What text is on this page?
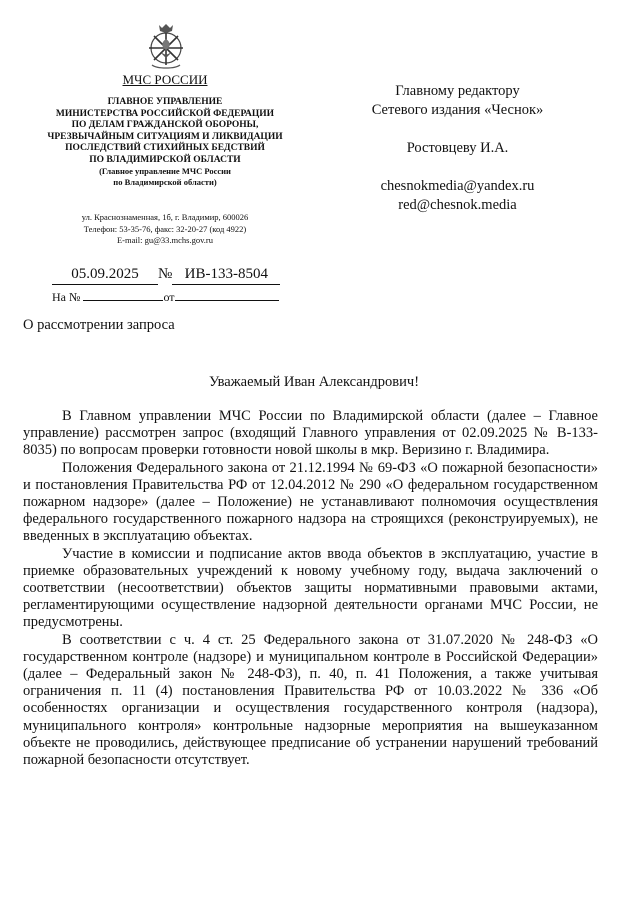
МЧС РОССИИ
ГЛАВНОЕ УПРАВЛЕНИЕ
МИНИСТЕРСТВА РОССИЙСКОЙ ФЕДЕРАЦИИ
ПО ДЕЛАМ ГРАЖДАНСКОЙ ОБОРОНЫ,
ЧРЕЗВЫЧАЙНЫМ СИТУАЦИЯМ И ЛИКВИДАЦИИ
ПОСЛЕДСТВИЙ СТИХИЙНЫХ БЕДСТВИЙ
ПО ВЛАДИМИРСКОЙ ОБЛАСТИ
(Главное управление МЧС России
по Владимирской области)
ул. Краснознаменная, 1б, г. Владимир, 600026
Телефон: 53-35-76, факс: 32-20-27 (код 4922)
E-mail: gu@33.mchs.gov.ru
05.09.2025 № ИВ-133-8504
На №	от
Главному редактору
Сетевого издания «Чеснок»
Ростовцеву И.А.
chesnokmedia@yandex.ru
red@chesnok.media
О рассмотрении запроса
Уважаемый Иван Александрович!

В Главном управлении МЧС России по Владимирской области (далее – Главное управление) рассмотрен запрос (входящий Главного управления от 02.09.2025 № В-133-8035) по вопросам проверки готовности новой школы в мкр. Веризино г. Владимира.

Положения Федерального закона от 21.12.1994 № 69-ФЗ «О пожарной безопасности» и постановления Правительства РФ от 12.04.2012 № 290 «О федеральном государственном пожарном надзоре» (далее – Положение) не устанавливают полномочия осуществления федерального государственного пожарного надзора на строящихся (реконструируемых), не введенных в эксплуатацию объектах.

Участие в комиссии и подписание актов ввода объектов в эксплуатацию, участие в приемке образовательных учреждений к новому учебному году, выдача заключений о соответствии (несоответствии) объектов защиты нормативными правовыми актами, регламентирующими осуществление надзорной деятельности органами МЧС России, не предусмотрены.

В соответствии с ч. 4 ст. 25 Федерального закона от 31.07.2020 № 248-ФЗ «О государственном контроле (надзоре) и муниципальном контроле в Российской Федерации» (далее – Федеральный закон № 248-ФЗ), п. 40, п. 41 Положения, а также учитывая ограничения п. 11 (4) постановления Правительства РФ от 10.03.2022 № 336 «Об особенностях организации и осуществления государственного контроля (надзора), муниципального контроля» контрольные надзорные мероприятия на вышеуказанном объекте не проводились, действующее предписание об устранении нарушений требований пожарной безопасности отсутствует.
